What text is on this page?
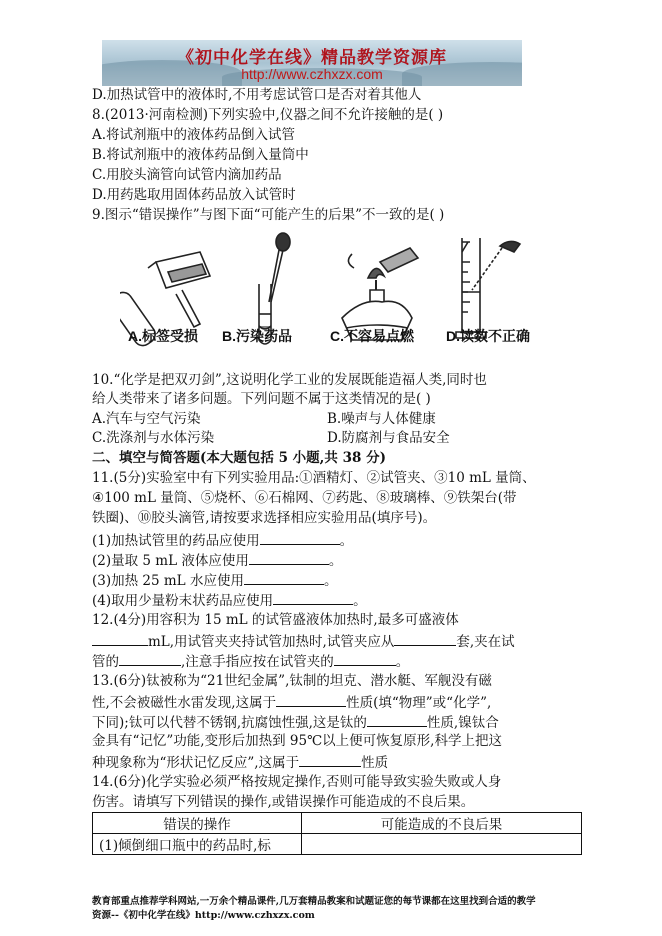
《初中化学在线》精品教学资源库
http://www.czhxzx.com
D.加热试管中的液体时,不用考虑试管口是否对着其他人
8.(2013·河南检测)下列实验中,仪器之间不允许接触的是( )
A.将试剂瓶中的液体药品倒入试管
B.将试剂瓶中的液体药品倒入量筒中
C.用胶头滴管向试管内滴加药品
D.用药匙取用固体药品放入试管时
9.图示“错误操作”与图下面“可能产生的后果”不一致的是( )
A.标签受损 B.污染药品	C.不容易点燃 D.读数不正确
10.“化学是把双刃剑”,这说明化学工业的发展既能造福人类,同时也
给人类带来了诸多问题。下列问题不属于这类情况的是( )
A.汽车与空气污染	B.噪声与人体健康
C.洗涤剂与水体污染	D.防腐剂与食品安全
二、填空与简答题(本大题包括 5 小题,共 38 分)
11.(5分)实验室中有下列实验用品:①酒精灯、②试管夹、③10 mL 量筒、
④100 mL 量筒、⑤烧杯、⑥石棉网、⑦药匙、⑧玻璃棒、⑨铁架台(带
铁圈)、⑩胶头滴管,请按要求选择相应实验用品(填序号)。
(1)加热试管里的药品应使用	。
(2)量取 5 mL 液体应使用	。
(3)加热 25 mL 水应使用	。
(4)取用少量粉末状药品应使用	。
12.(4分)用容积为 15 mL 的试管盛液体加热时,最多可盛液体
mL,用试管夹夹持试管加热时,试管夹应从	套,夹在试
管的	,注意手指应按在试管夹的	。
13.(6分)钛被称为“21世纪金属”,钛制的坦克、潜水艇、军舰没有磁
性,不会被磁性水雷发现,这属于	性质(填“物理”或“化学”,
下同);钛可以代替不锈钢,抗腐蚀性强,这是钛的	性质,镍钛合
金具有“记忆”功能,变形后加热到 95℃以上便可恢复原形,科学上把这
种现象称为“形状记忆反应”,这属于	性质
14.(6分)化学实验必须严格按规定操作,否则可能导致实验失败或人身
伤害。请填写下列错误的操作,或错误操作可能造成的不良后果。
错误的操作	可能造成的不良后果
(1)倾倒细口瓶中的药品时,标	
教育部重点推荐学科网站,一万余个精品课件,几万套精品教案和试题证您的每节课都在这里找到合适的教学
资源--《初中化学在线》http://www.czhxzx.com
